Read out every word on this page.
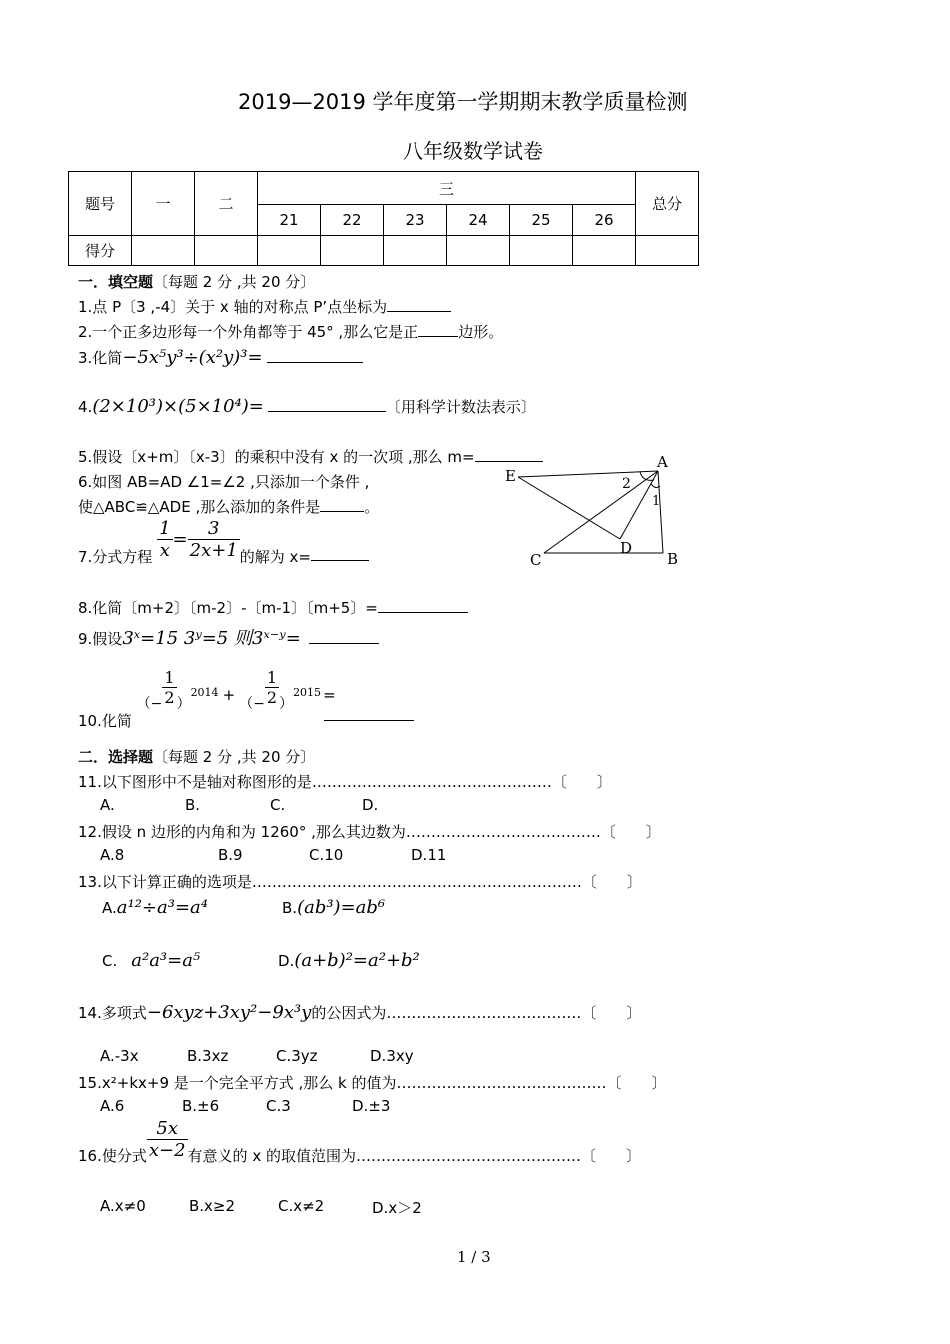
2019—2019 学年度第一学期期末教学质量检测
八年级数学试卷
题号	一	二	三						总分
			21	22	23	24	25	26	
得分									
一．填空题〔每题 2 分 ,共 20 分〕
1.点 P〔3 ,-4〕关于 x 轴的对称点 P’点坐标为
2.一个正多边形每一个外角都等于 45° ,那么它是正	边形。
3.化简−5x⁵y³÷(x²y)³=
4.(2×10³)×(5×10⁴)=	〔用科学计数法表示〕
5.假设〔x+m〕〔x-3〕的乘积中没有 x 的一次项 ,那么 m=
6.如图 AB=AD ∠1=∠2 ,只添加一个条件 ,
使△ABC≌△ADE ,那么添加的条件是	。
A
B
C
D
E
1
2
7.分式方程 $\frac{1}{x} = \frac{3}{2x+1}$ 的解为 x=
8.化简〔m+2〕〔m-2〕-〔m-1〕〔m+5〕=
9.假设3ˣ=15 3ʸ=5 则3ˣ⁻ʸ=
10.化简 （− $\frac{1}{2} )_{2014}$ + （− $\frac{1}{2} )_{2015}$ =
二．选择题〔每题 2 分 ,共 20 分〕
11.以下图形中不是轴对称图形的是…………………………………………〔　　〕
A.	B.	C.	D.
12.假设 n 边形的内角和为 1260° ,那么其边数为…………………………………〔　　〕
A.8	B.9	C.10	D.11
13.以下计算正确的选项是…………………………………………………………〔　　〕
A.a¹²÷a³=a⁴	B.(ab³)=ab⁶
C. a²a³=a⁵	D.(a+b)²=a²+b²
14.多项式−6xyz+3xy²−9x³y的公因式为…………………………………〔　　〕
A.-3x	B.3xz	C.3yz	D.3xy
15.x²+kx+9 是一个完全平方式 ,那么 k 的值为……………………………………〔　　〕
A.6	B.±6	C.3	D.±3
16.使分式 $\frac{5x}{x-2}$ 有意义的 x 的取值范围为………………………………………〔　　〕
A.x≠0	B.x≥2	C.x≠2	D.x＞2
1 / 3
